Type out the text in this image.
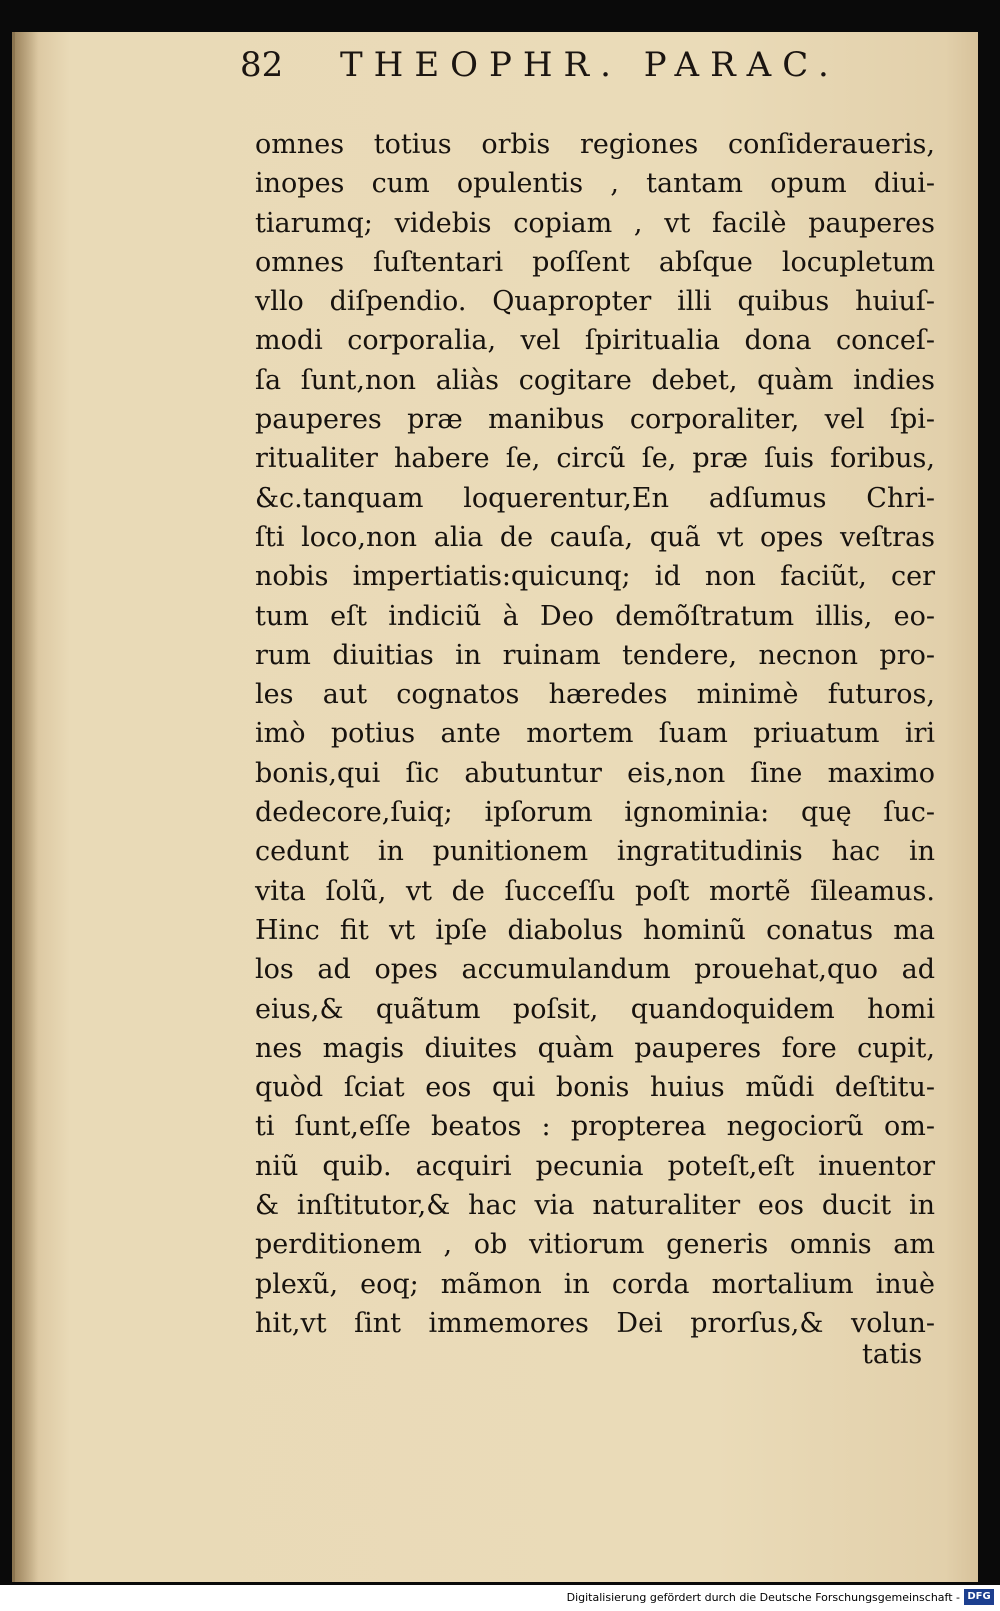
82 THEOPHR. PARAC.
omnes totius orbis regiones conſideraueris,
inopes cum opulentis , tantam opum diui-
tiarumq; videbis copiam , vt facilè pauperes
omnes ſuſtentari poſſent abſque locupletum
vllo diſpendio. Quapropter illi quibus huiuſ-
modi corporalia, vel ſpiritualia dona conceſ-
ſa ſunt,non aliàs cogitare debet, quàm indies
pauperes præ manibus corporaliter, vel ſpi-
ritualiter habere ſe, circũ ſe, præ ſuis foribus,
&c.tanquam loquerentur,En adſumus Chri-
ſti loco,non alia de cauſa, quã vt opes veſtras
nobis impertiatis:quicunq; id non faciũt, cer
tum eſt indiciũ à Deo demõſtratum illis, eo-
rum diuitias in ruinam tendere, necnon pro-
les aut cognatos hæredes minimè futuros,
imò potius ante mortem ſuam priuatum iri
bonis,qui ſic abutuntur eis,non ſine maximo
dedecore,ſuiq; ipſorum ignominia: quę ſuc-
cedunt in punitionem ingratitudinis hac in
vita ſolũ, vt de ſucceſſu poſt mortẽ ſileamus.
Hinc fit vt ipſe diabolus hominũ conatus ma
los ad opes accumulandum prouehat,quo ad
eius,& quãtum poſsit, quandoquidem homi
nes magis diuites quàm pauperes fore cupit,
quòd ſciat eos qui bonis huius mũdi deſtitu-
ti ſunt,eſſe beatos : propterea negociorũ om-
niũ quib. acquiri pecunia poteſt,eſt inuentor
& inſtitutor,& hac via naturaliter eos ducit in
perditionem , ob vitiorum generis omnis am
plexũ, eoq; mãmon in corda mortalium inuè
hit,vt ſint immemores Dei prorſus,& volun-
tatis
Digitalisierung gefördert durch die Deutsche Forschungsgemeinschaft - DFG
